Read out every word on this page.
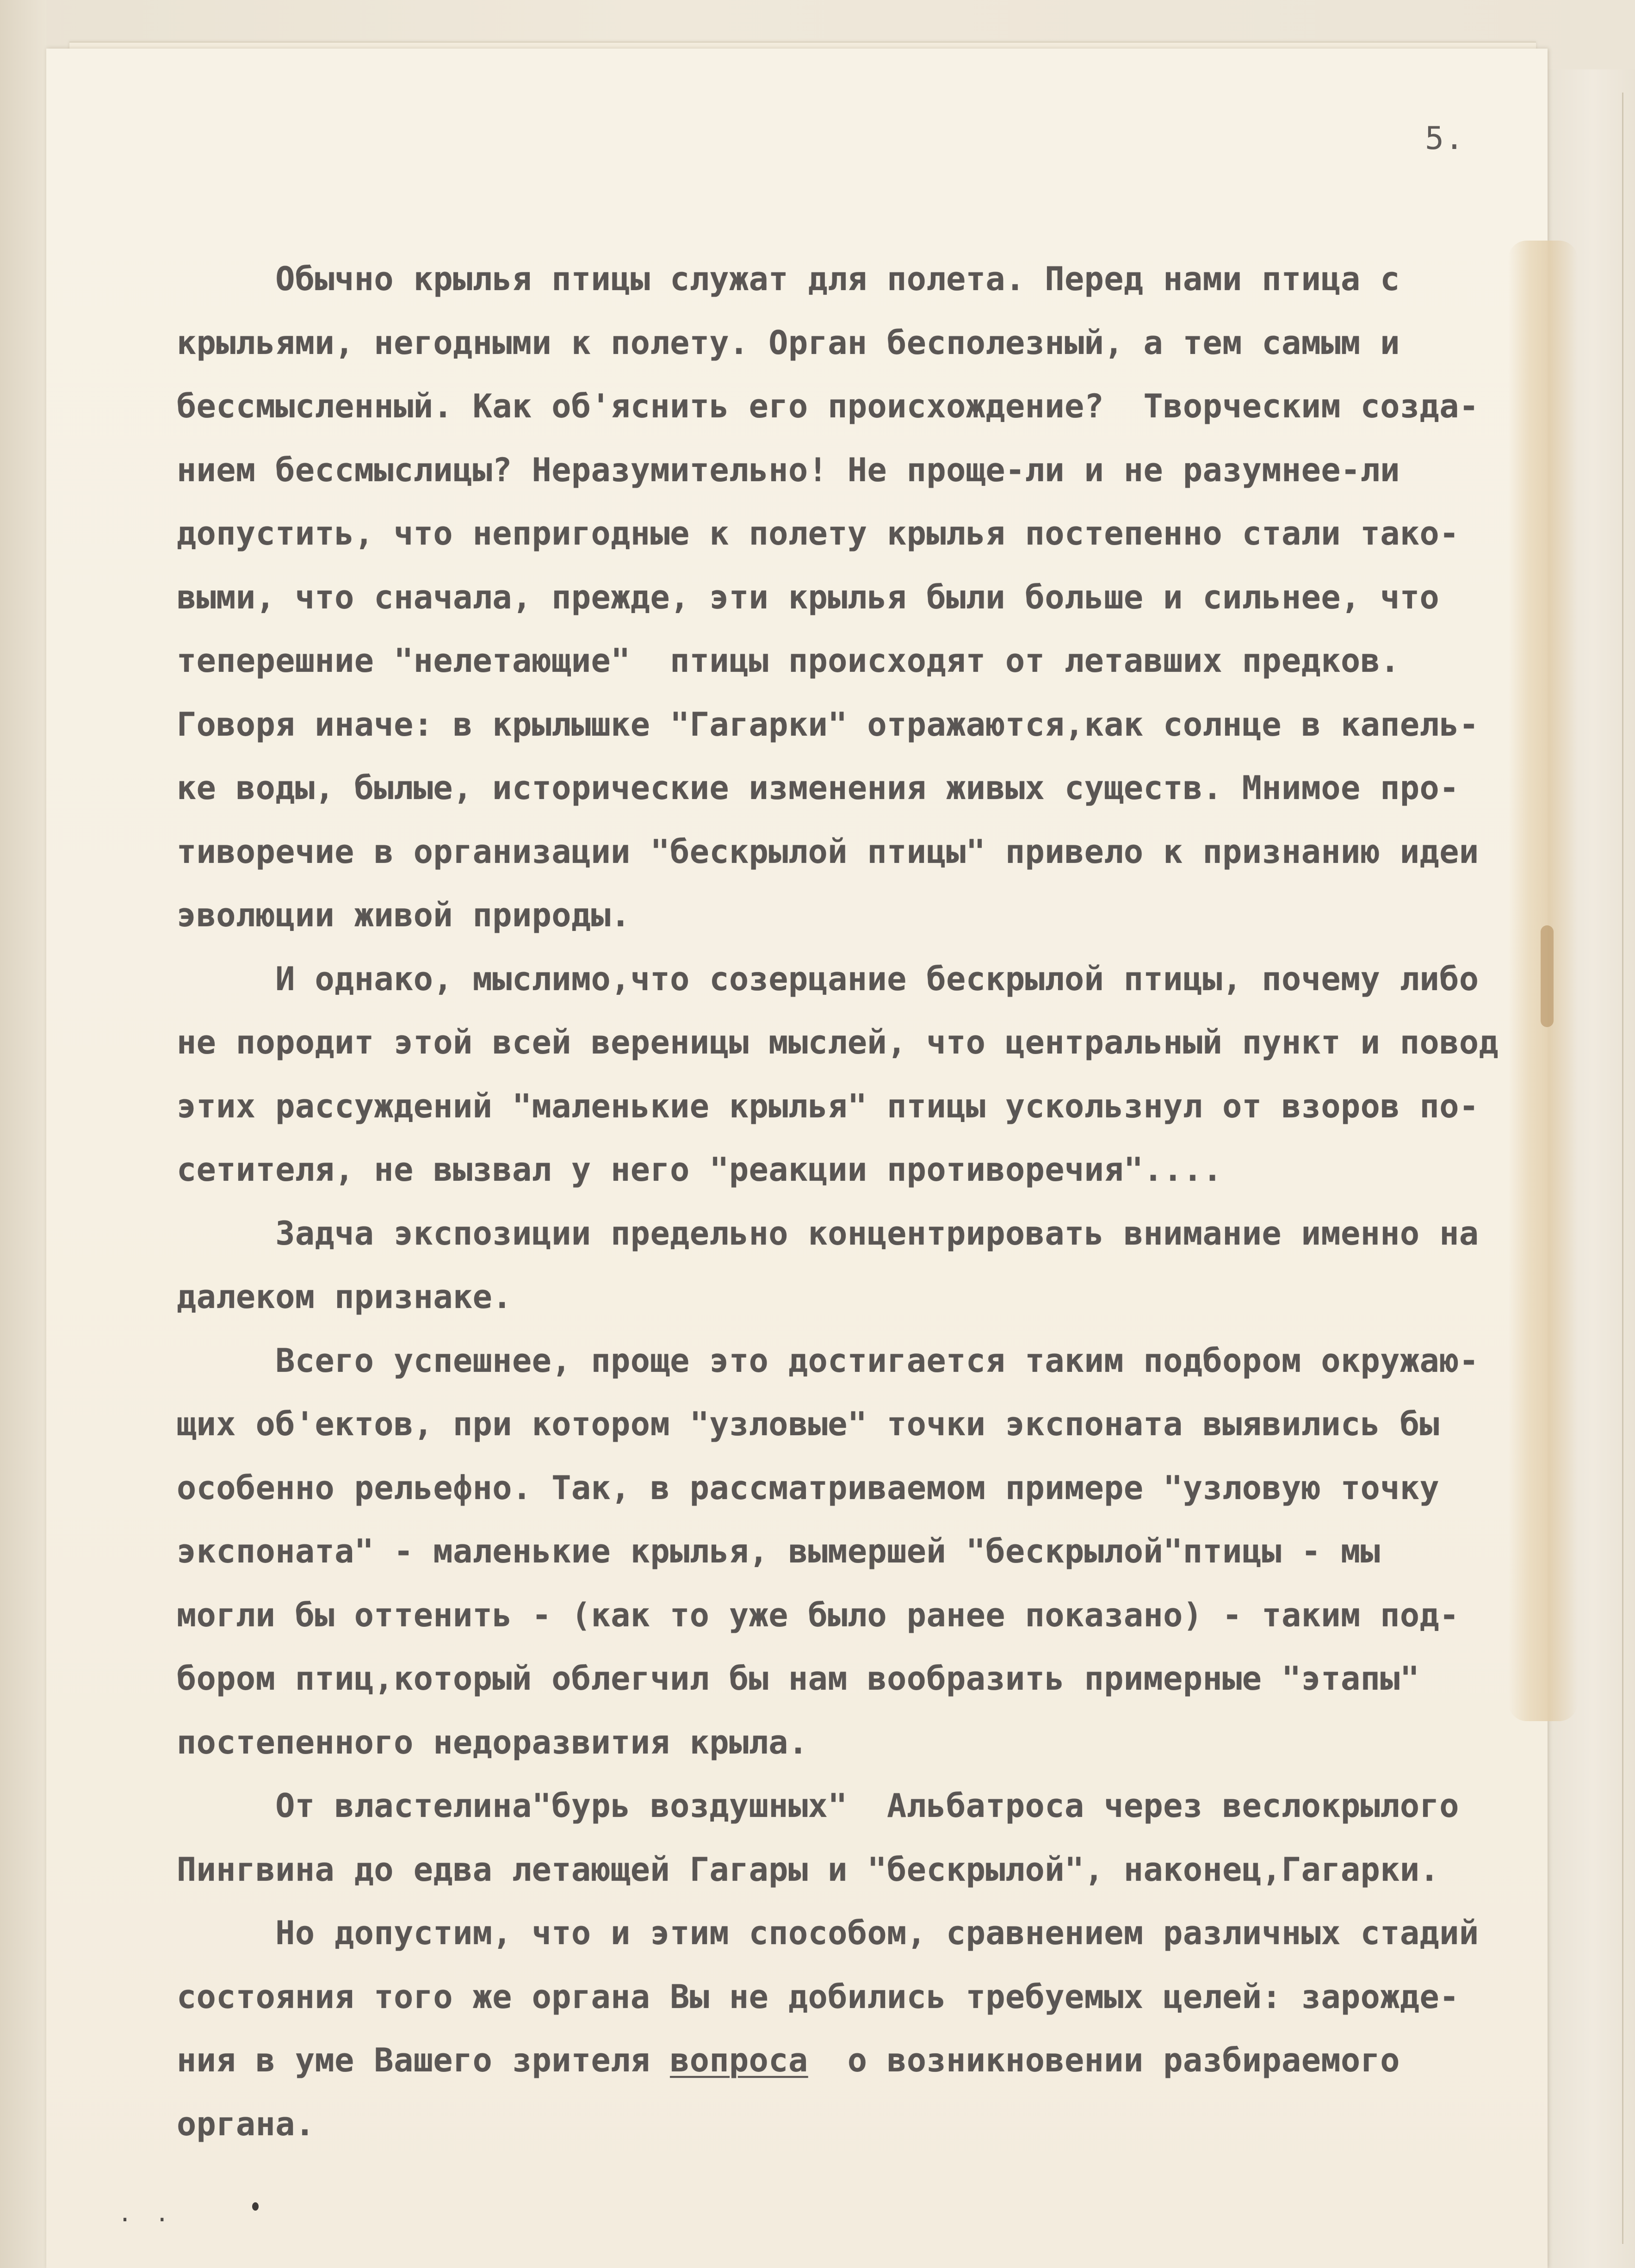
5.
Обычно крылья птицы служат для полета. Перед нами птица с
крыльями, негодными к полету. Орган бесполезный, а тем самым и
бессмысленный. Как об'яснить его происхождение?  Творческим созда-
нием бессмыслицы? Неразумительно! Не проще-ли и не разумнее-ли
допустить, что непригодные к полету крылья постепенно стали тако-
выми, что сначала, прежде, эти крылья были больше и сильнее, что
теперешние "нелетающие"  птицы происходят от летавших предков.
Говоря иначе: в крылышке "Гагарки" отражаются,как солнце в капель-
ке воды, былые, исторические изменения живых существ. Мнимое про-
тиворечие в организации "бескрылой птицы" привело к признанию идеи
эволюции живой природы.
И однако, мыслимо,что созерцание бескрылой птицы, почему либо
не породит этой всей вереницы мыслей, что центральный пункт и повод
этих рассуждений "маленькие крылья" птицы ускользнул от взоров по-
сетителя, не вызвал у него "реакции противоречия"....
Задча экспозиции предельно концентрировать внимание именно на
далеком признаке.
Всего успешнее, проще это достигается таким подбором окружаю-
щих об'ектов, при котором "узловые" точки экспоната выявились бы
особенно рельефно. Так, в рассматриваемом примере "узловую точку
экспоната" - маленькие крылья, вымершей "бескрылой"птицы - мы
могли бы оттенить - (как то уже было ранее показано) - таким под-
бором птиц,который облегчил бы нам вообразить примерные "этапы"
постепенного недоразвития крыла.
От властелина"бурь воздушных"  Альбатроса через веслокрылого
Пингвина до едва летающей Гагары и "бескрылой", наконец,Гагарки.
Но допустим, что и этим способом, сравнением различных стадий
состояния того же органа Вы не добились требуемых целей: зарожде-
ния в уме Вашего зрителя вопроса  о возникновении разбираемого
органа.
. .
